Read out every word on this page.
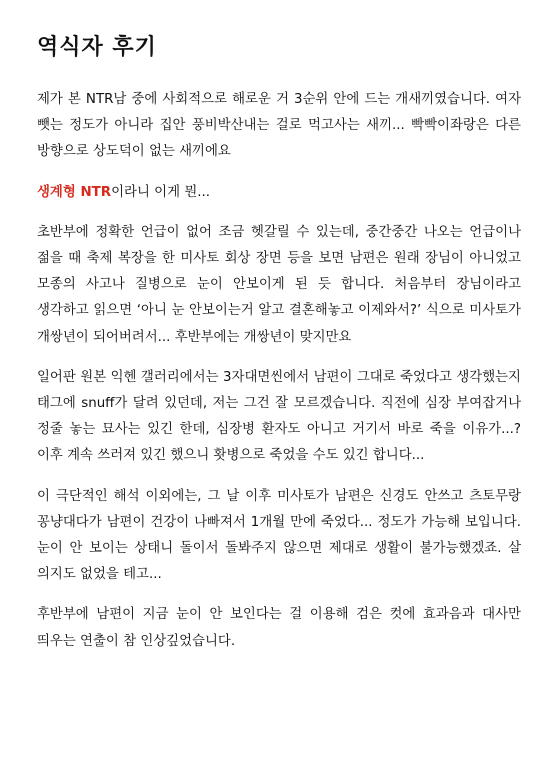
역식자 후기

제가 본 NTR남 중에 사회적으로 해로운 거 3순위 안에 드는 개새끼였습니다. 여자 뺏는 정도가 아니라 집안 풍비박산내는 걸로 먹고사는 새끼... 빡빡이좌랑은 다른 방향으로 상도덕이 없는 새끼에요

생계형 NTR이라니 이게 뭔...

초반부에 정확한 언급이 없어 조금 헷갈릴 수 있는데, 중간중간 나오는 언급이나 젊을 때 축제 복장을 한 미사토 회상 장면 등을 보면 남편은 원래 장님이 아니었고 모종의 사고나 질병으로 눈이 안보이게 된 듯 합니다. 처음부터 장님이라고 생각하고 읽으면 ‘아니 눈 안보이는거 알고 결혼해놓고 이제와서?’ 식으로 미사토가 개쌍년이 되어버려서... 후반부에는 개쌍년이 맞지만요

일어판 원본 익헨 갤러리에서는 3자대면씬에서 남편이 그대로 죽었다고 생각했는지 태그에 snuff가 달려 있던데, 저는 그건 잘 모르겠습니다. 직전에 심장 부여잡거나 정줄 놓는 묘사는 있긴 한데, 심장병 환자도 아니고 거기서 바로 죽을 이유가...? 이후 계속 쓰러져 있긴 했으니 홧병으로 죽었을 수도 있긴 합니다...

이 극단적인 해석 이외에는, 그 날 이후 미사토가 남편은 신경도 안쓰고 츠토무랑 꽁냥대다가 남편이 건강이 나빠져서 1개월 만에 죽었다... 정도가 가능해 보입니다. 눈이 안 보이는 상태니 돌이서 돌봐주지 않으면 제대로 생활이 불가능했겠죠. 살 의지도 없었을 테고...

후반부에 남편이 지금 눈이 안 보인다는 걸 이용해 검은 컷에 효과음과 대사만 띄우는 연출이 참 인상깊었습니다.
